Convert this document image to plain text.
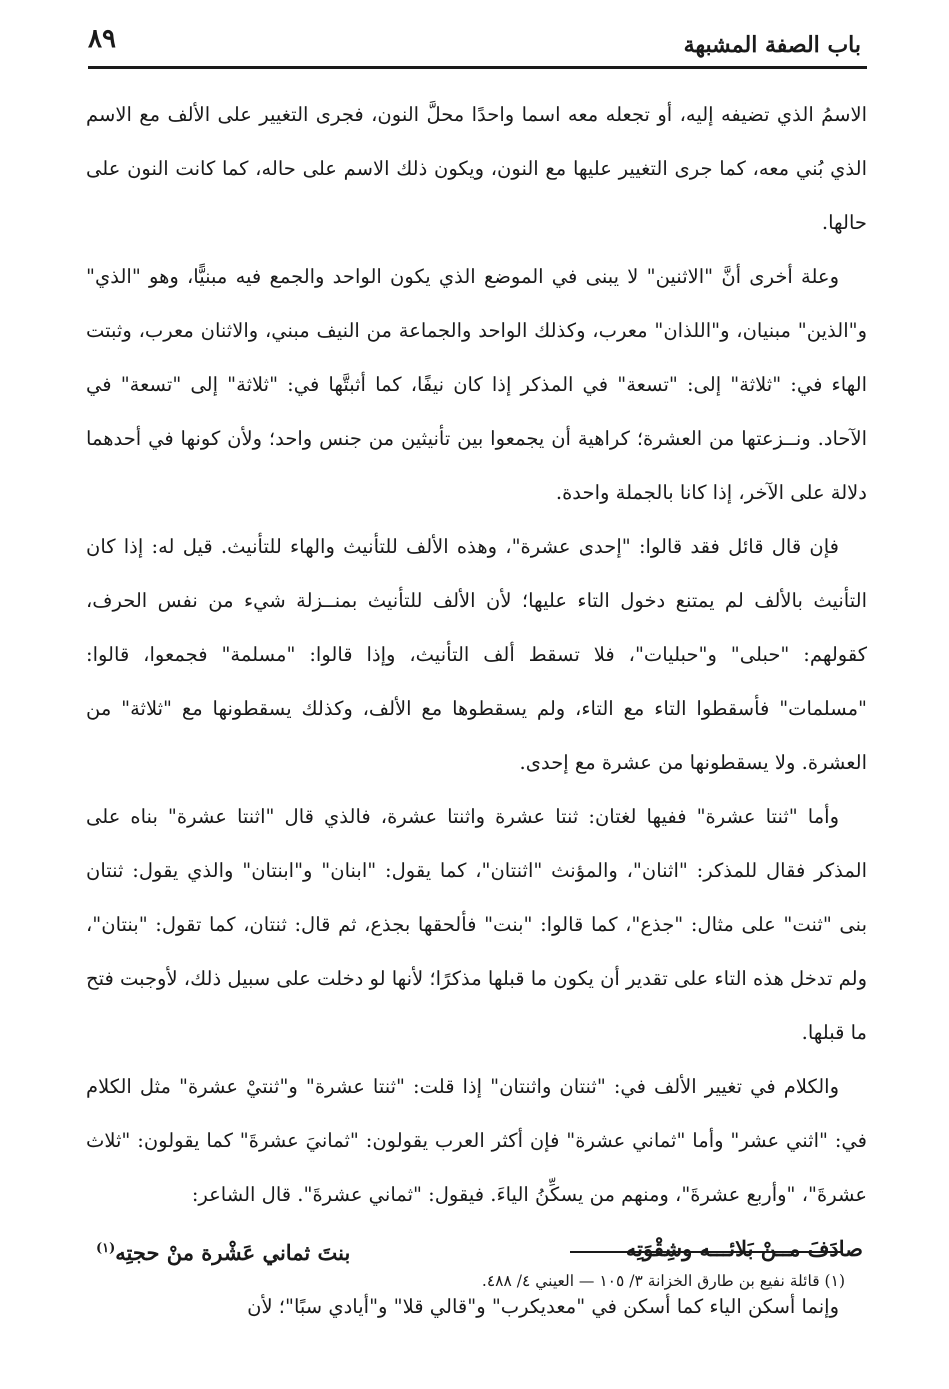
باب الصفة المشبهة
٨٩

الاسمُ الذي تضيفه إليه، أو تجعله معه اسما واحدًا محلَّ النون، فجرى التغيير على الألف مع الاسم الذي بُني معه، كما جرى التغيير عليها مع النون، ويكون ذلك الاسم على حاله، كما كانت النون على حالها.

وعلة أخرى أنَّ "الاثنين" لا يبنى في الموضع الذي يكون الواحد والجمع فيه مبنيًّا، وهو "الذي" و"الذين" مبنيان، و"اللذان" معرب، وكذلك الواحد والجماعة من النيف مبني، والاثنان معرب، وثبتت الهاء في: "ثلاثة" إلى: "تسعة" في المذكر إذا كان نيفًا، كما أثبتَّها في: "ثلاثة" إلى "تسعة" في الآحاد. ونــزعتها من العشرة؛ كراهية أن يجمعوا بين تأنيثين من جنس واحد؛ ولأن كونها في أحدهما دلالة على الآخر، إذا كانا بالجملة واحدة.

فإن قال قائل فقد قالوا: "إحدى عشرة"، وهذه الألف للتأنيث والهاء للتأنيث. قيل له: إذا كان التأنيث بالألف لم يمتنع دخول التاء عليها؛ لأن الألف للتأنيث بمنــزلة شيء من نفس الحرف، كقولهم: "حبلى" و"حبليات"، فلا تسقط ألف التأنيث، وإذا قالوا: "مسلمة" فجمعوا، قالوا: "مسلمات" فأسقطوا التاء مع التاء، ولم يسقطوها مع الألف، وكذلك يسقطونها مع "ثلاثة" من العشرة. ولا يسقطونها من عشرة مع إحدى.

وأما "ثنتا عشرة" ففيها لغتان: ثنتا عشرة واثنتا عشرة، فالذي قال "اثنتا عشرة" بناه على المذكر فقال للمذكر: "اثنان"، والمؤنث "اثنتان"، كما يقول: "ابنان" و"ابنتان" والذي يقول: ثنتان بنى "ثنت" على مثال: "جذع"، كما قالوا: "بنت" فألحقها بجذع، ثم قال: ثنتان، كما تقول: "بنتان"، ولم تدخل هذه التاء على تقدير أن يكون ما قبلها مذكرًا؛ لأنها لو دخلت على سبيل ذلك، لأوجبت فتح ما قبلها.

والكلام في تغيير الألف في: "ثنتان واثنتان" إذا قلت: "ثنتا عشرة" و"ثنتيْ عشرة" مثل الكلام في: "اثني عشر" وأما "ثماني عشرة" فإن أكثر العرب يقولون: "ثمانيَ عشرةَ" كما يقولون: "ثلاث عشرةَ"، "وأربع عشرةَ"، ومنهم من يسكِّنُ الياءَ. فيقول: "ثماني عشرةَ". قال الشاعر:

صادَفَ مــنْ بَلائـــه وشِقْوَتِه
بنتَ ثماني عَشْرة منْ حجتِه$^{(١)}$

وإنما أسكن الياء كما أسكن في "معديكرب" و"قالي قلا" و"أيادي سبًا"؛ لأن

(١) قائلة نفيع بن طارق الخزانة ٣/ ١٠٥ — العيني ٤/ ٤٨٨.
